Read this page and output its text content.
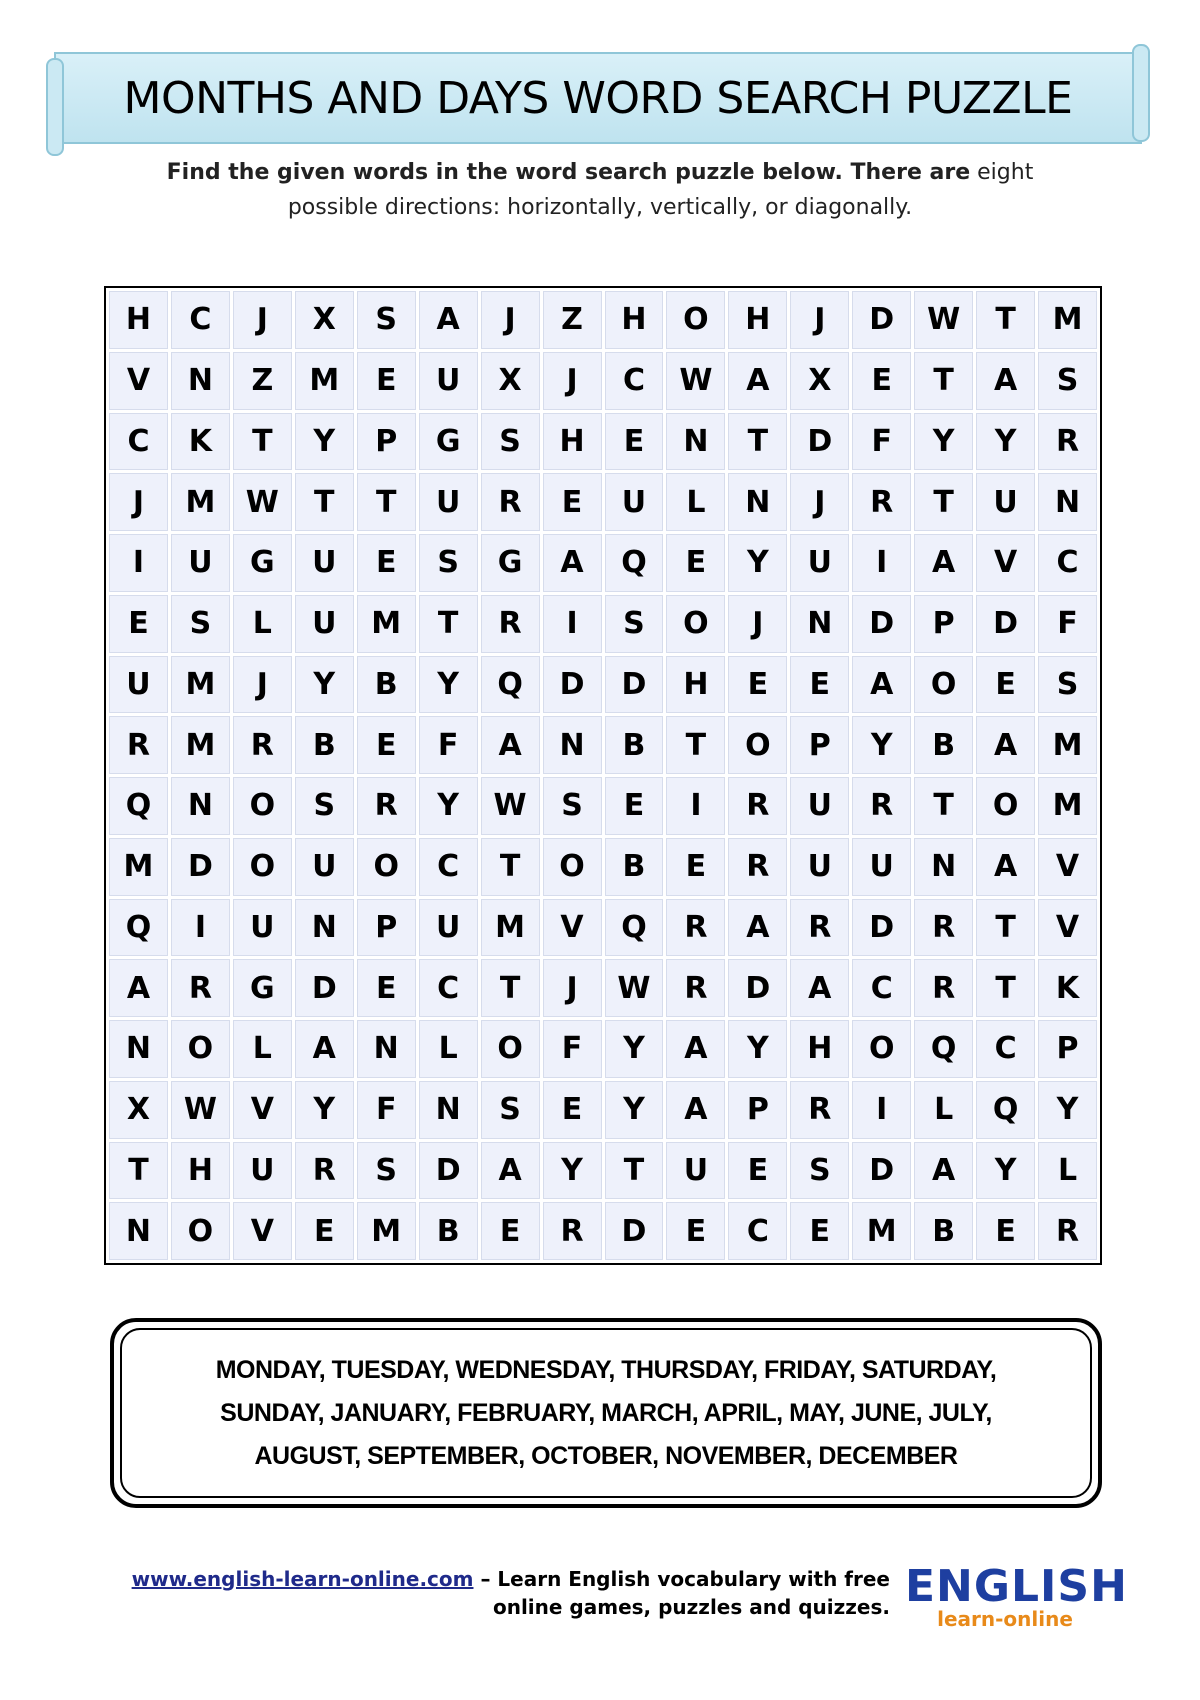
MONTHS AND DAYS WORD SEARCH PUZZLE
Find the given words in the word search puzzle below. There are eight
possible directions: horizontally, vertically, or diagonally.
H	C	J	X	S	A	J	Z	H	O	H	J	D	W	T	M
V	N	Z	M	E	U	X	J	C	W	A	X	E	T	A	S
C	K	T	Y	P	G	S	H	E	N	T	D	F	Y	Y	R
J	M	W	T	T	U	R	E	U	L	N	J	R	T	U	N
I	U	G	U	E	S	G	A	Q	E	Y	U	I	A	V	C
E	S	L	U	M	T	R	I	S	O	J	N	D	P	D	F
U	M	J	Y	B	Y	Q	D	D	H	E	E	A	O	E	S
R	M	R	B	E	F	A	N	B	T	O	P	Y	B	A	M
Q	N	O	S	R	Y	W	S	E	I	R	U	R	T	O	M
M	D	O	U	O	C	T	O	B	E	R	U	U	N	A	V
Q	I	U	N	P	U	M	V	Q	R	A	R	D	R	T	V
A	R	G	D	E	C	T	J	W	R	D	A	C	R	T	K
N	O	L	A	N	L	O	F	Y	A	Y	H	O	Q	C	P
X	W	V	Y	F	N	S	E	Y	A	P	R	I	L	Q	Y
T	H	U	R	S	D	A	Y	T	U	E	S	D	A	Y	L
N	O	V	E	M	B	E	R	D	E	C	E	M	B	E	R
MONDAY, TUESDAY, WEDNESDAY, THURSDAY, FRIDAY, SATURDAY,
SUNDAY, JANUARY, FEBRUARY, MARCH, APRIL, MAY, JUNE, JULY,
AUGUST, SEPTEMBER, OCTOBER, NOVEMBER, DECEMBER
www.english-learn-online.com – Learn English vocabulary with free
online games, puzzles and quizzes. ENGLISH
learn-online
